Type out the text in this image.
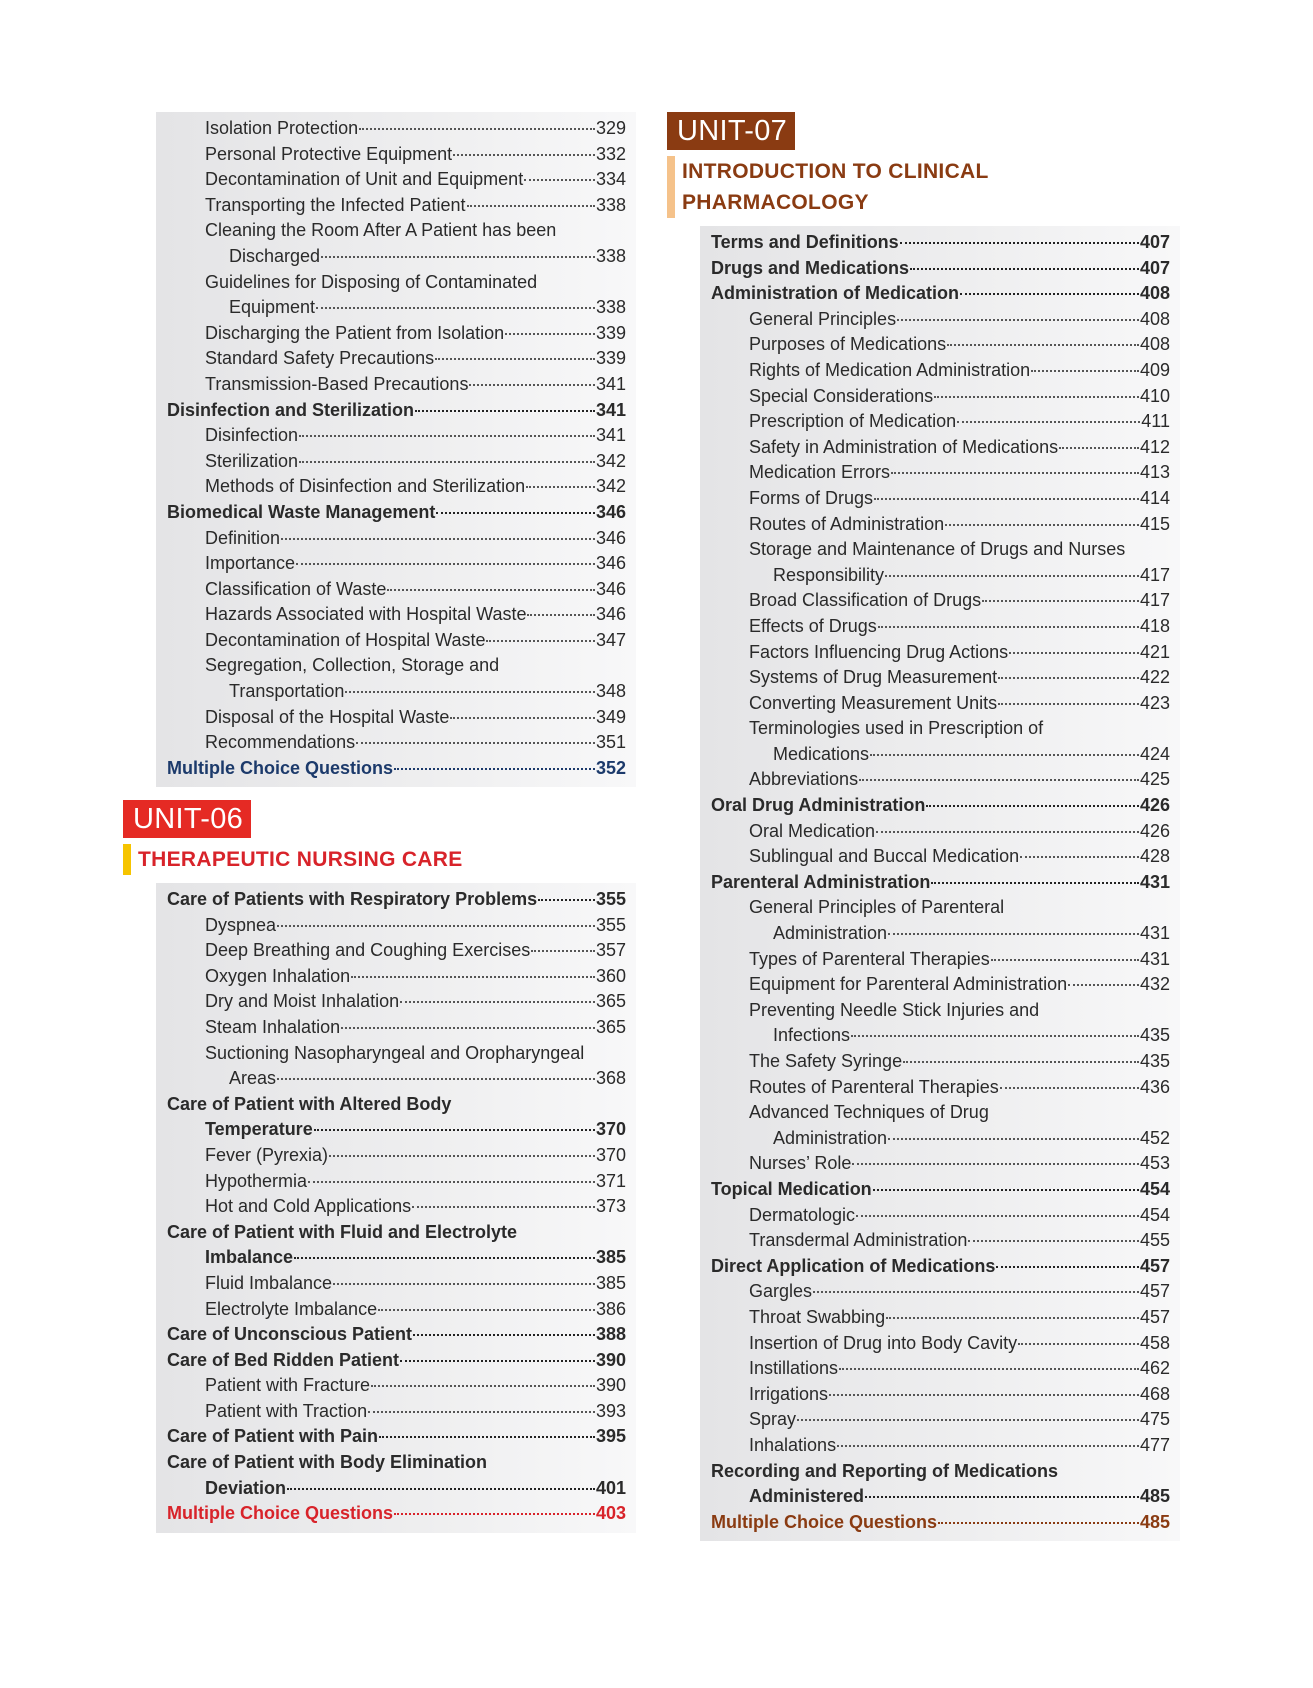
Isolation Protection	329
Personal Protective Equipment	332
Decontamination of Unit and Equipment	334
Transporting the Infected Patient	338
Cleaning the Room After A Patient has been
Discharged	338
Guidelines for Disposing of Contaminated
Equipment	338
Discharging the Patient from Isolation	339
Standard Safety Precautions	339
Transmission-Based Precautions	341
Disinfection and Sterilization	341
Disinfection	341
Sterilization	342
Methods of Disinfection and Sterilization	342
Biomedical Waste Management	346
Definition	346
Importance	346
Classification of Waste	346
Hazards Associated with Hospital Waste	346
Decontamination of Hospital Waste	347
Segregation, Collection, Storage and
Transportation	348
Disposal of the Hospital Waste	349
Recommendations	351
Multiple Choice Questions	352
UNIT-06
THERAPEUTIC NURSING CARE
Care of Patients with Respiratory Problems	355
Dyspnea	355
Deep Breathing and Coughing Exercises	357
Oxygen Inhalation	360
Dry and Moist Inhalation	365
Steam Inhalation	365
Suctioning Nasopharyngeal and Oropharyngeal
Areas	368
Care of Patient with Altered Body
Temperature	370
Fever (Pyrexia)	370
Hypothermia	371
Hot and Cold Applications	373
Care of Patient with Fluid and Electrolyte
Imbalance	385
Fluid Imbalance	385
Electrolyte Imbalance	386
Care of Unconscious Patient	388
Care of Bed Ridden Patient	390
Patient with Fracture	390
Patient with Traction	393
Care of Patient with Pain	395
Care of Patient with Body Elimination
Deviation	401
Multiple Choice Questions	403
UNIT-07
INTRODUCTION TO CLINICAL
PHARMACOLOGY
Terms and Definitions	407
Drugs and Medications	407
Administration of Medication	408
General Principles	408
Purposes of Medications	408
Rights of Medication Administration	409
Special Considerations	410
Prescription of Medication	411
Safety in Administration of Medications	412
Medication Errors	413
Forms of Drugs	414
Routes of Administration	415
Storage and Maintenance of Drugs and Nurses
Responsibility	417
Broad Classification of Drugs	417
Effects of Drugs	418
Factors Influencing Drug Actions	421
Systems of Drug Measurement	422
Converting Measurement Units	423
Terminologies used in Prescription of
Medications	424
Abbreviations	425
Oral Drug Administration	426
Oral Medication	426
Sublingual and Buccal Medication	428
Parenteral Administration	431
General Principles of Parenteral
Administration	431
Types of Parenteral Therapies	431
Equipment for Parenteral Administration	432
Preventing Needle Stick Injuries and
Infections	435
The Safety Syringe	435
Routes of Parenteral Therapies	436
Advanced Techniques of Drug
Administration	452
Nurses’ Role	453
Topical Medication	454
Dermatologic	454
Transdermal Administration	455
Direct Application of Medications	457
Gargles	457
Throat Swabbing	457
Insertion of Drug into Body Cavity	458
Instillations	462
Irrigations	468
Spray	475
Inhalations	477
Recording and Reporting of Medications
Administered	485
Multiple Choice Questions	485
